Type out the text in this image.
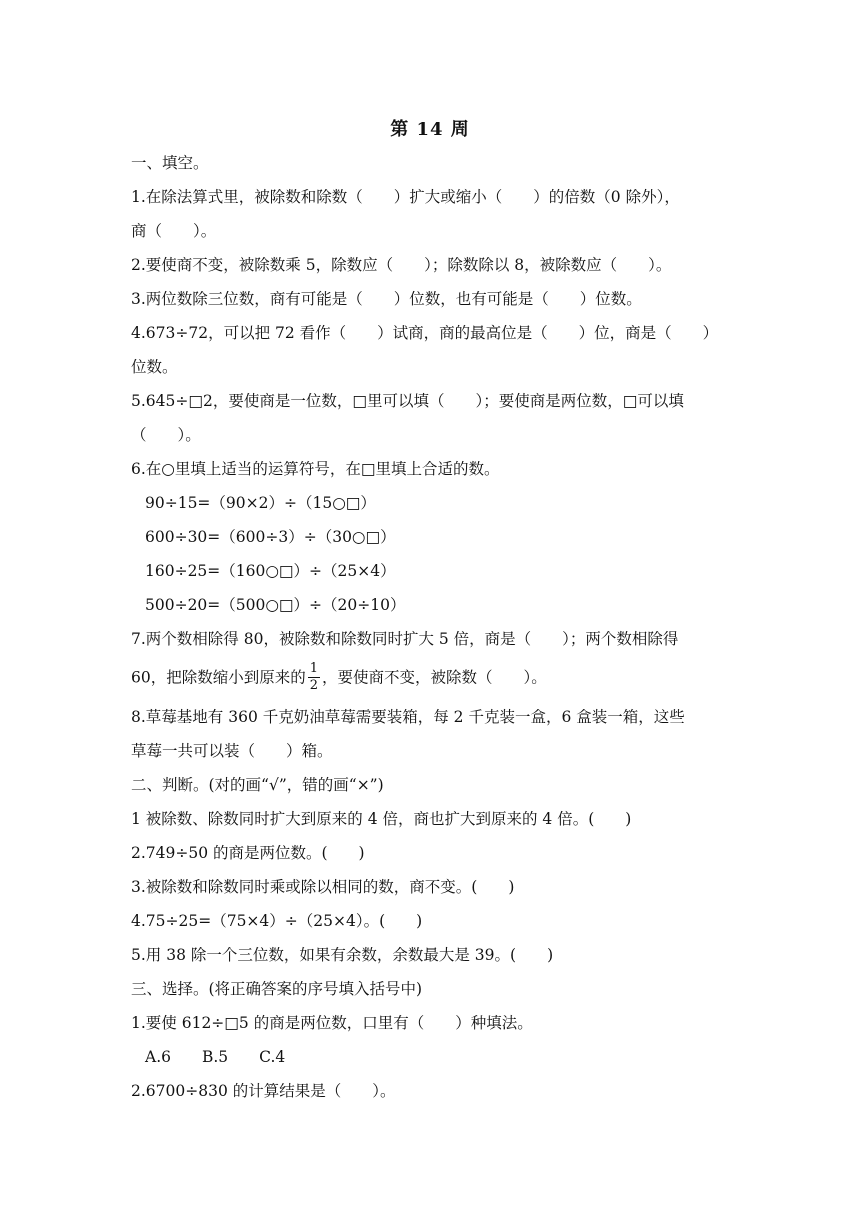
第 14 周
一、填空。
1.在除法算式里，被除数和除数（　　）扩大或缩小（　　）的倍数（0 除外），
商（　　）。
2.要使商不变，被除数乘 5，除数应（　　）；除数除以 8，被除数应（　　）。
3.两位数除三位数，商有可能是（　　）位数，也有可能是（　　）位数。
4.673÷72，可以把 72 看作（　　）试商，商的最高位是（　　）位，商是（　　）
位数。
5.645÷□2，要使商是一位数，□里可以填（　　）；要使商是两位数，□可以填
（　　）。
6.在○里填上适当的运算符号，在□里填上合适的数。
90÷15=（90×2）÷（15○□）
600÷30=（600÷3）÷（30○□）
160÷25=（160○□）÷（25×4）
500÷20=（500○□）÷（20÷10）
7.两个数相除得 80，被除数和除数同时扩大 5 倍，商是（　　）；两个数相除得
60，把除数缩小到原来的 $\frac{1}{2}$ ，要使商不变，被除数（　　）。
8.草莓基地有 360 千克奶油草莓需要装箱，每 2 千克装一盒，6 盒装一箱，这些
草莓一共可以装（　　）箱。
二、判断。(对的画“√”，错的画“×”)
1 被除数、除数同时扩大到原来的 4 倍，商也扩大到原来的 4 倍。(　　)
2.749÷50 的商是两位数。(　　)
3.被除数和除数同时乘或除以相同的数，商不变。(　　)
4.75÷25=（75×4）÷（25×4）。(　　)
5.用 38 除一个三位数，如果有余数，余数最大是 39。(　　)
三、选择。(将正确答案的序号填入括号中)
1.要使 612÷□5 的商是两位数，口里有（　　）种填法。
A.6　　B.5　　C.4
2.6700÷830 的计算结果是（　　）。
